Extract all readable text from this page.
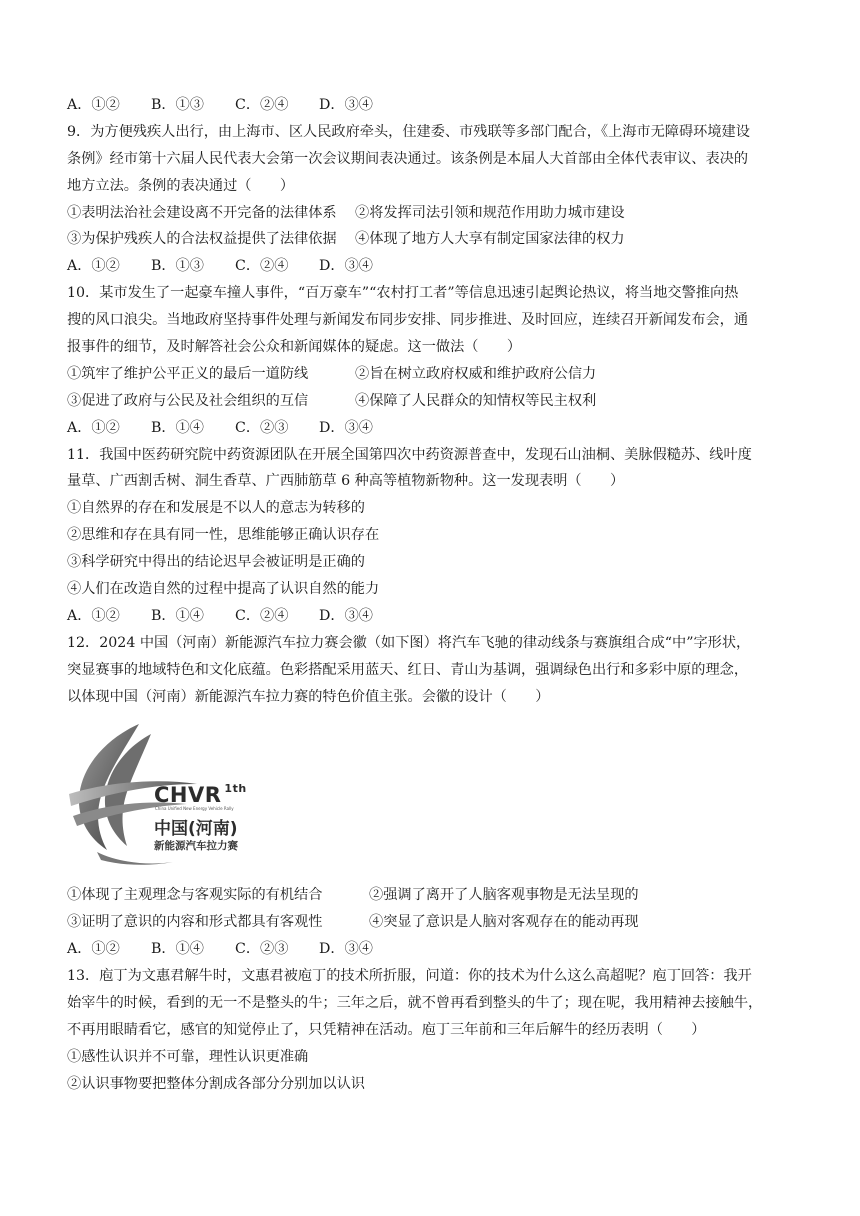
A．①②	B．①③	C．②④	D．③④
9．为方便残疾人出行，由上海市、区人民政府牵头，住建委、市残联等多部门配合，《上海市无障碍环境建设
条例》经市第十六届人民代表大会第一次会议期间表决通过。该条例是本届人大首部由全体代表审议、表决的
地方立法。条例的表决通过（　　）
①表明法治社会建设离不开完备的法律体系	②将发挥司法引领和规范作用助力城市建设
③为保护残疾人的合法权益提供了法律依据	④体现了地方人大享有制定国家法律的权力
A．①②	B．①③	C．②④	D．③④
10．某市发生了一起豪车撞人事件，“百万豪车”“农村打工者”等信息迅速引起舆论热议，将当地交警推向热
搜的风口浪尖。当地政府坚持事件处理与新闻发布同步安排、同步推进、及时回应，连续召开新闻发布会，通
报事件的细节，及时解答社会公众和新闻媒体的疑虑。这一做法（　　）
①筑牢了维护公平正义的最后一道防线	②旨在树立政府权威和维护政府公信力
③促进了政府与公民及社会组织的互信	④保障了人民群众的知情权等民主权利
A．①②	B．①④	C．②③	D．③④
11．我国中医药研究院中药资源团队在开展全国第四次中药资源普查中，发现石山油桐、美脉假糙苏、线叶度
量草、广西割舌树、洞生香草、广西肺筋草 6 种高等植物新物种。这一发现表明（　　）
①自然界的存在和发展是不以人的意志为转移的
②思维和存在具有同一性，思维能够正确认识存在
③科学研究中得出的结论迟早会被证明是正确的
④人们在改造自然的过程中提高了认识自然的能力
A．①②	B．①④	C．②④	D．③④
12．2024 中国（河南）新能源汽车拉力赛会徽（如下图）将汽车飞驰的律动线条与赛旗组合成“中”字形状，
突显赛事的地域特色和文化底蕴。色彩搭配采用蓝天、红日、青山为基调，强调绿色出行和多彩中原的理念，
以体现中国（河南）新能源汽车拉力赛的特色价值主张。会徽的设计（　　）
CHVR $^{1th}$
China Unified New Energy Vehicle Rally
中国(河南)
新能源汽车拉力赛
①体现了主观理念与客观实际的有机结合	②强调了离开了人脑客观事物是无法呈现的
③证明了意识的内容和形式都具有客观性	④突显了意识是人脑对客观存在的能动再现
A．①②	B．①④	C．②③	D．③④
13．庖丁为文惠君解牛时，文惠君被庖丁的技术所折服，问道：你的技术为什么这么高超呢？庖丁回答：我开
始宰牛的时候，看到的无一不是整头的牛；三年之后，就不曾再看到整头的牛了；现在呢，我用精神去接触牛，
不再用眼睛看它，感官的知觉停止了，只凭精神在活动。庖丁三年前和三年后解牛的经历表明（　　）
①感性认识并不可靠，理性认识更准确
②认识事物要把整体分割成各部分分别加以认识
